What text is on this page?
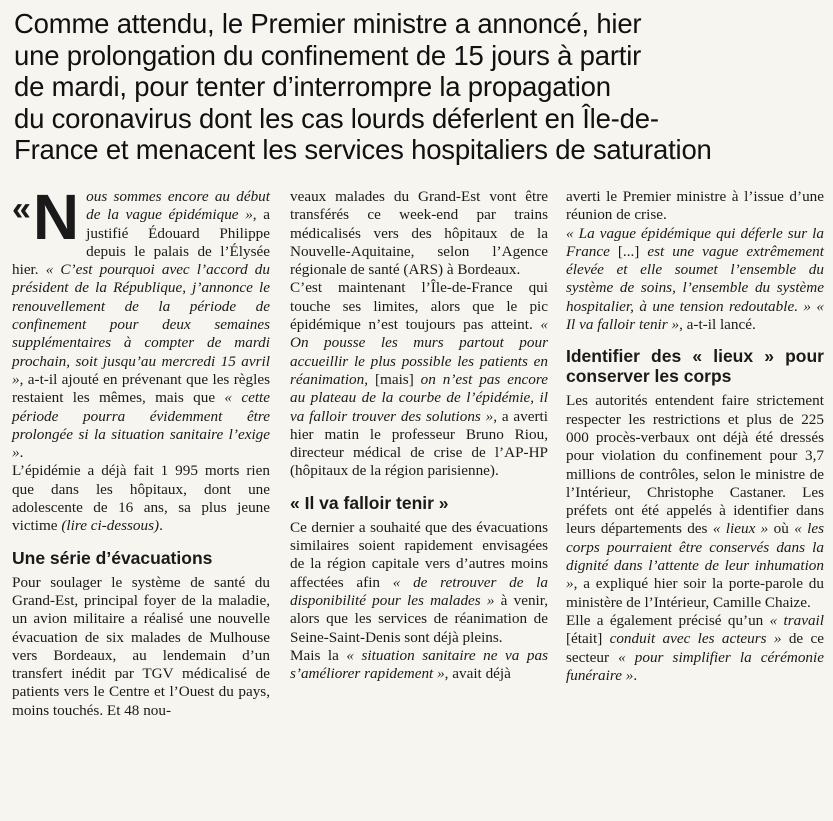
Comme attendu, le Premier ministre a annoncé, hier
une prolongation du confinement de 15 jours à partir
de mardi, pour tenter d’interrompre la propagation
du coronavirus dont les cas lourds déferlent en Île-de-
France et menacent les services hospitaliers de saturation

« N ous sommes encore au début de la vague épidémique », a justifié Édouard Philippe depuis le palais de l’Élysée hier. « C’est pourquoi avec l’accord du président de la République, j’annonce le renouvellement de la période de confinement pour deux semaines supplémentaires à compter de mardi prochain, soit jusqu’au mercredi 15 avril », a-t-il ajouté en prévenant que les règles restaient les mêmes, mais que « cette période pourra évidemment être prolongée si la situation sanitaire l’exige ».

L’épidémie a déjà fait 1 995 morts rien que dans les hôpitaux, dont une adolescente de 16 ans, sa plus jeune victime (lire ci-dessous).

Une série d’évacuations

Pour soulager le système de santé du Grand-Est, principal foyer de la maladie, un avion militaire a réalisé une nouvelle évacuation de six malades de Mulhouse vers Bordeaux, au lendemain d’un transfert inédit par TGV médicalisé de patients vers le Centre et l’Ouest du pays, moins touchés. Et 48 nou-

veaux malades du Grand-Est vont être transférés ce week-end par trains médicalisés vers des hôpitaux de la Nouvelle-Aquitaine, selon l’Agence régionale de santé (ARS) à Bordeaux.

C’est maintenant l’Île-de-France qui touche ses limites, alors que le pic épidémique n’est toujours pas atteint. « On pousse les murs partout pour accueillir le plus possible les patients en réanimation, [mais] on n’est pas encore au plateau de la courbe de l’épidémie, il va falloir trouver des solutions », a averti hier matin le professeur Bruno Riou, directeur médical de crise de l’AP-HP (hôpitaux de la région parisienne).

« Il va falloir tenir »

Ce dernier a souhaité que des évacuations similaires soient rapidement envisagées de la région capitale vers d’autres moins affectées afin « de retrouver de la disponibilité pour les malades » à venir, alors que les services de réanimation de Seine-Saint-Denis sont déjà pleins.

Mais la « situation sanitaire ne va pas s’améliorer rapidement », avait déjà

averti le Premier ministre à l’issue d’une réunion de crise.

« La vague épidémique qui déferle sur la France [...] est une vague extrêmement élevée et elle soumet l’ensemble du système de soins, l’ensemble du système hospitalier, à une tension redoutable. » « Il va falloir tenir », a-t-il lancé.

Identifier des « lieux » pour conserver les corps

Les autorités entendent faire strictement respecter les restrictions et plus de 225 000 procès-verbaux ont déjà été dressés pour violation du confinement pour 3,7 millions de contrôles, selon le ministre de l’Intérieur, Christophe Castaner. Les préfets ont été appelés à identifier dans leurs départements des « lieux » où « les corps pourraient être conservés dans la dignité dans l’attente de leur inhumation », a expliqué hier soir la porte-parole du ministère de l’Intérieur, Camille Chaize.

Elle a également précisé qu’un « travail [était] conduit avec les acteurs » de ce secteur « pour simplifier la cérémonie funéraire ».
